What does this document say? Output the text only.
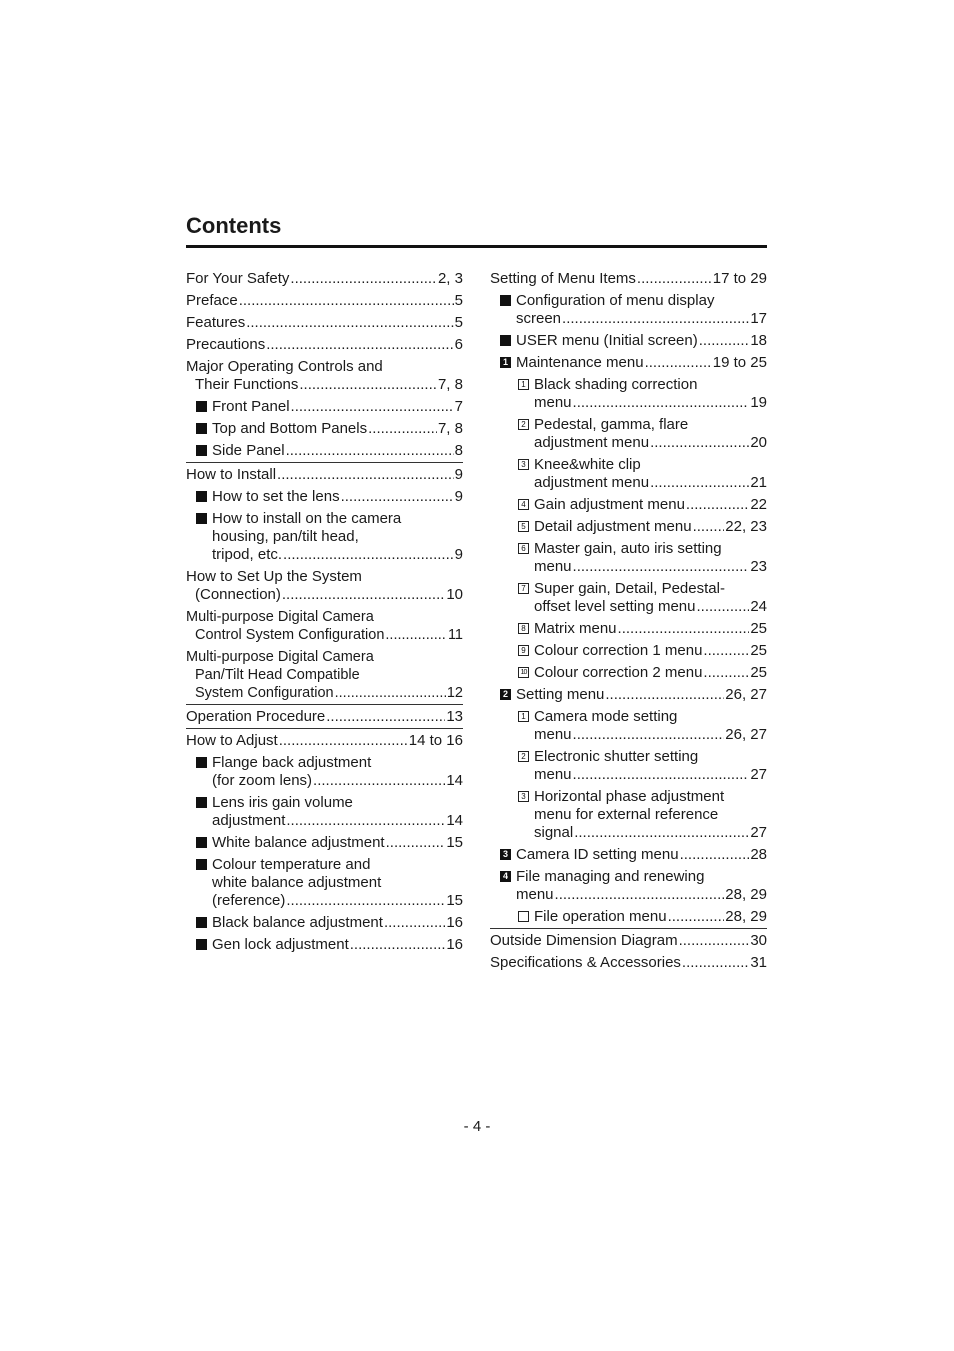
Contents
For Your Safety .....	2, 3
Preface .....	5
Features .....	5
Precautions .....	6
Major Operating Controls and
Their Functions .....	7, 8
Front Panel .....	7
Top and Bottom Panels .....	7, 8
Side Panel .....	8
How to Install .....	9
How to set the lens .....	9
How to install on the camera
housing, pan/tilt head,
tripod, etc. .....	9
How to Set Up the System
(Connection) .....	10
Multi-purpose Digital Camera
Control System Configuration .....	11
Multi-purpose Digital Camera
Pan/Tilt Head Compatible
System Configuration .....	12
Operation Procedure .....	13
How to Adjust .....	14 to 16
Flange back adjustment
(for zoom lens) .....	14
Lens iris gain volume
adjustment .....	14
White balance adjustment .....	15
Colour temperature and
white balance adjustment
(reference) .....	15
Black balance adjustment .....	16
Gen lock adjustment .....	16
Setting of Menu Items .....	17 to 29
Configuration of menu display
screen .....	17
USER menu (Initial screen) .....	18
1 Maintenance menu .....	19 to 25
1 Black shading correction
menu .....	19
2 Pedestal, gamma, flare
adjustment menu .....	20
3 Knee&white clip
adjustment menu .....	21
4 Gain adjustment menu .....	22
5 Detail adjustment menu ..... 22, 23
6 Master gain, auto iris setting
menu .....	23
7 Super gain, Detail, Pedestal-
offset level setting menu .....	24
8 Matrix menu .....	25
9 Colour correction 1 menu .....	25
10 Colour correction 2 menu .....	25
2 Setting menu .....	26, 27
1 Camera mode setting
menu .....	26, 27
2 Electronic shutter setting
menu .....	27
3 Horizontal phase adjustment
menu for external reference
signal .....	27
3 Camera ID setting menu .....	28
4 File managing and renewing
menu .....	28, 29
File operation menu .....	28, 29
Outside Dimension Diagram .....	30
Specifications & Accessories .....	31
- 4 -
